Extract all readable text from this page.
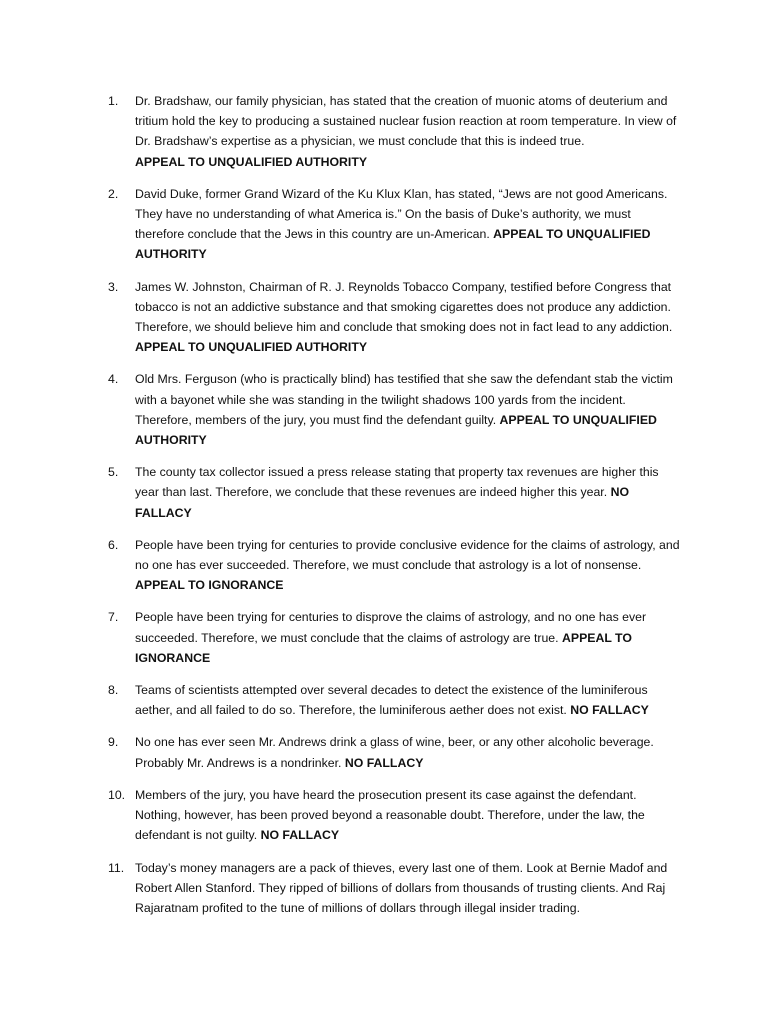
1. Dr. Bradshaw, our family physician, has stated that the creation of muonic atoms of deuterium and tritium hold the key to producing a sustained nuclear fusion reaction at room temperature. In view of Dr. Bradshaw’s expertise as a physician, we must conclude that this is indeed true.
APPEAL TO UNQUALIFIED AUTHORITY
2. David Duke, former Grand Wizard of the Ku Klux Klan, has stated, “Jews are not good Americans. They have no understanding of what America is.” On the basis of Duke’s authority, we must therefore conclude that the Jews in this country are un-American. APPEAL TO UNQUALIFIED AUTHORITY
3. James W. Johnston, Chairman of R. J. Reynolds Tobacco Company, testified before Congress that tobacco is not an addictive substance and that smoking cigarettes does not produce any addiction. Therefore, we should believe him and conclude that smoking does not in fact lead to any addiction. APPEAL TO UNQUALIFIED AUTHORITY
4. Old Mrs. Ferguson (who is practically blind) has testified that she saw the defendant stab the victim with a bayonet while she was standing in the twilight shadows 100 yards from the incident. Therefore, members of the jury, you must find the defendant guilty. APPEAL TO UNQUALIFIED AUTHORITY
5. The county tax collector issued a press release stating that property tax revenues are higher this year than last. Therefore, we conclude that these revenues are indeed higher this year. NO FALLACY
6. People have been trying for centuries to provide conclusive evidence for the claims of astrology, and no one has ever succeeded. Therefore, we must conclude that astrology is a lot of nonsense.
APPEAL TO IGNORANCE
7. People have been trying for centuries to disprove the claims of astrology, and no one has ever succeeded. Therefore, we must conclude that the claims of astrology are true. APPEAL TO IGNORANCE
8. Teams of scientists attempted over several decades to detect the existence of the luminiferous aether, and all failed to do so. Therefore, the luminiferous aether does not exist. NO FALLACY
9. No one has ever seen Mr. Andrews drink a glass of wine, beer, or any other alcoholic beverage. Probably Mr. Andrews is a nondrinker. NO FALLACY
10. Members of the jury, you have heard the prosecution present its case against the defendant. Nothing, however, has been proved beyond a reasonable doubt. Therefore, under the law, the defendant is not guilty. NO FALLACY
11. Today’s money managers are a pack of thieves, every last one of them. Look at Bernie Madof and Robert Allen Stanford. They ripped of billions of dollars from thousands of trusting clients. And Raj Rajaratnam profited to the tune of millions of dollars through illegal insider trading.
